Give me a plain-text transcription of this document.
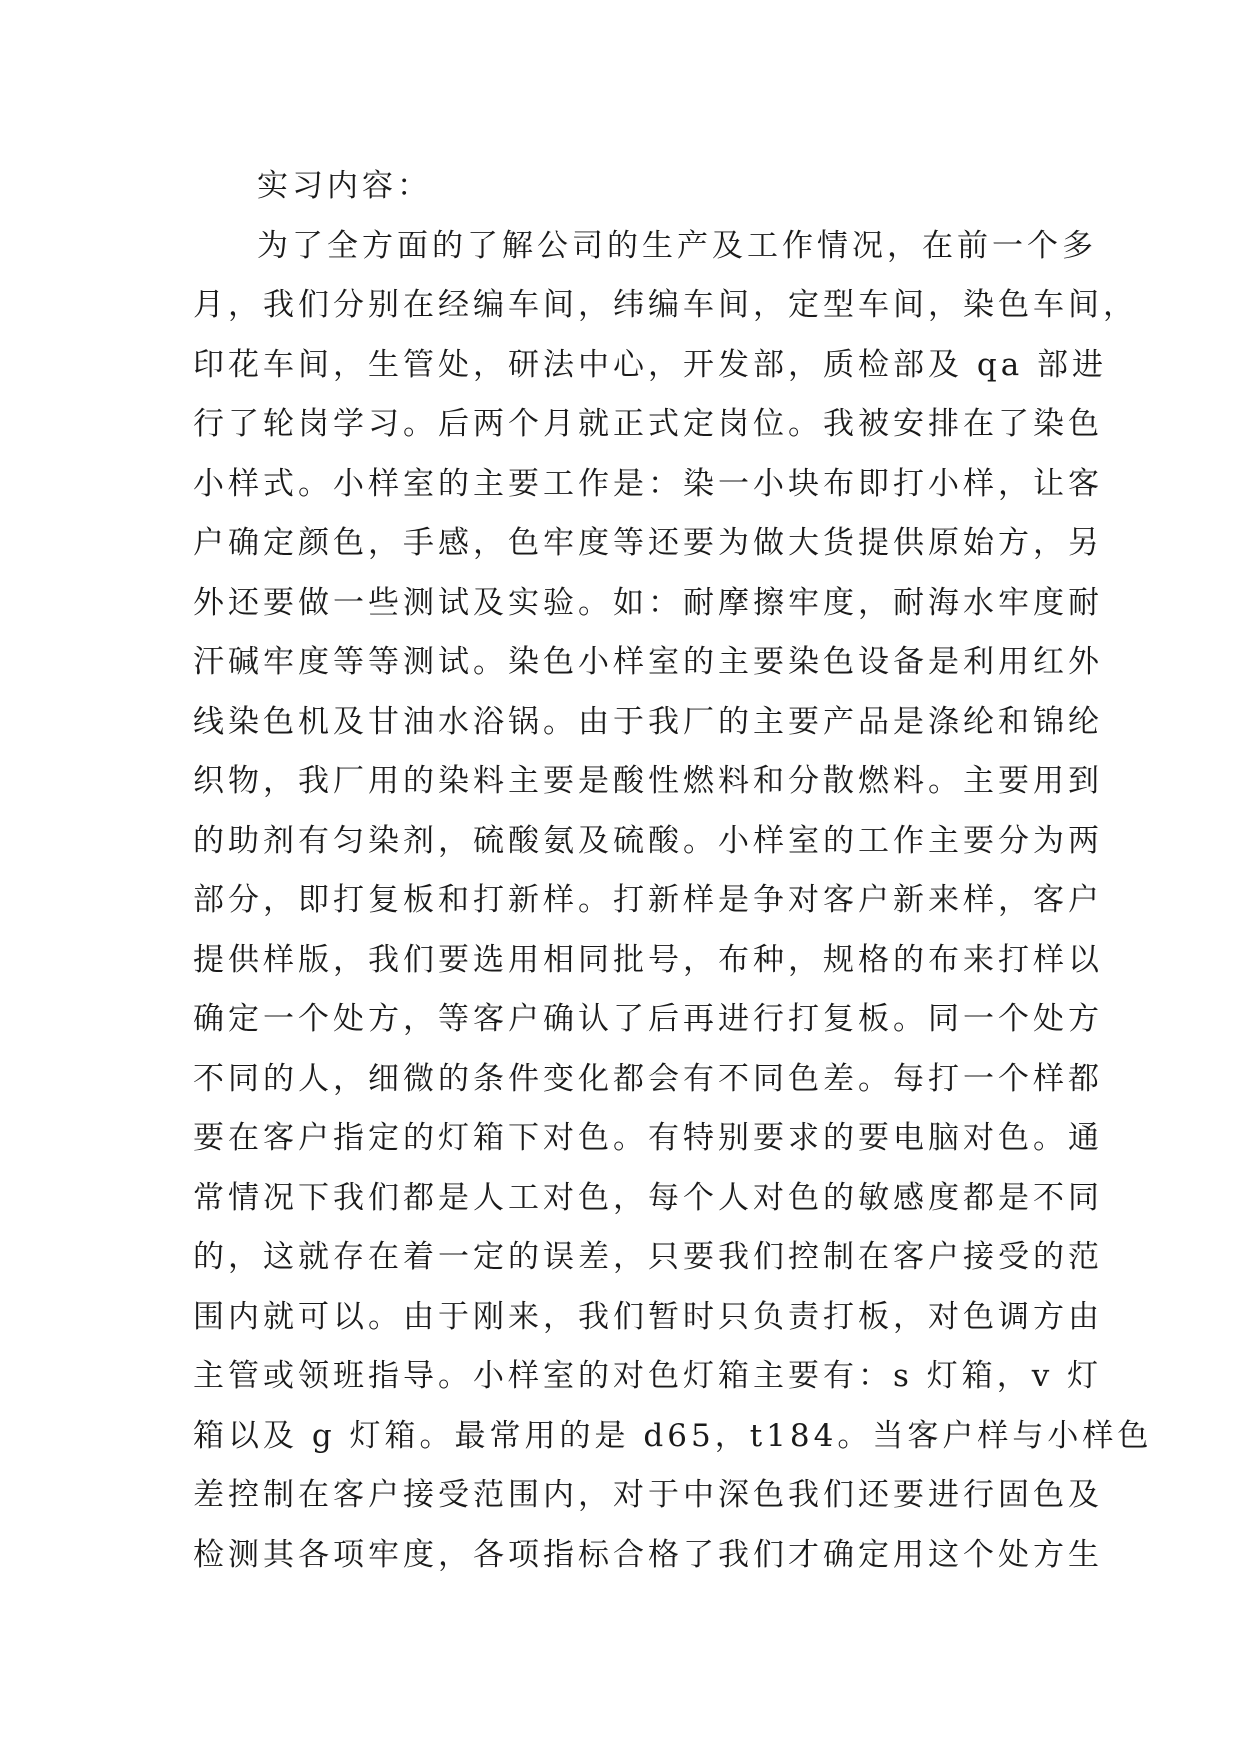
实习内容：
为了全方面的了解公司的生产及工作情况，在前一个多
月，我们分别在经编车间，纬编车间，定型车间，染色车间，
印花车间，生管处，研法中心，开发部，质检部及 qa 部进
行了轮岗学习。后两个月就正式定岗位。我被安排在了染色
小样式。小样室的主要工作是：染一小块布即打小样，让客
户确定颜色，手感，色牢度等还要为做大货提供原始方，另
外还要做一些测试及实验。如：耐摩擦牢度，耐海水牢度耐
汗碱牢度等等测试。染色小样室的主要染色设备是利用红外
线染色机及甘油水浴锅。由于我厂的主要产品是涤纶和锦纶
织物，我厂用的染料主要是酸性燃料和分散燃料。主要用到
的助剂有匀染剂，硫酸氨及硫酸。小样室的工作主要分为两
部分，即打复板和打新样。打新样是争对客户新来样，客户
提供样版，我们要选用相同批号，布种，规格的布来打样以
确定一个处方，等客户确认了后再进行打复板。同一个处方
不同的人，细微的条件变化都会有不同色差。每打一个样都
要在客户指定的灯箱下对色。有特别要求的要电脑对色。通
常情况下我们都是人工对色，每个人对色的敏感度都是不同
的，这就存在着一定的误差，只要我们控制在客户接受的范
围内就可以。由于刚来，我们暂时只负责打板，对色调方由
主管或领班指导。小样室的对色灯箱主要有：s 灯箱，v 灯
箱以及 g 灯箱。最常用的是 d65，t184。当客户样与小样色
差控制在客户接受范围内，对于中深色我们还要进行固色及
检测其各项牢度，各项指标合格了我们才确定用这个处方生
